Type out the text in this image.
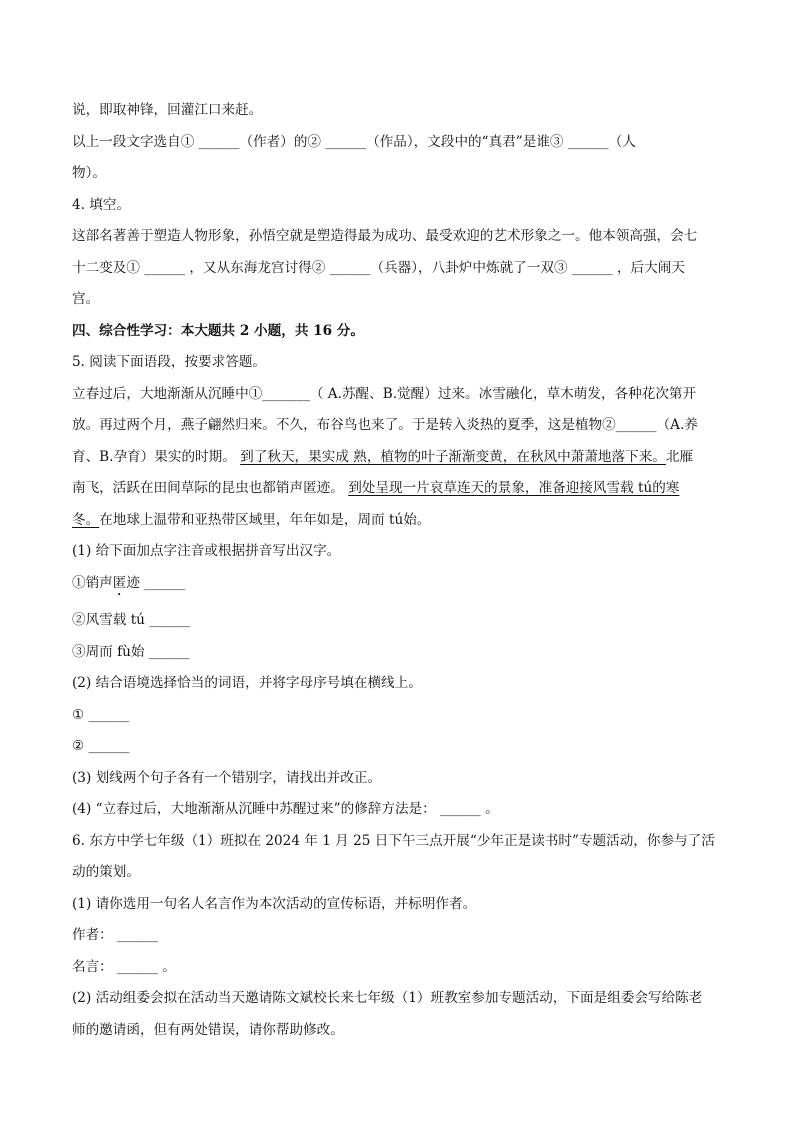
说，即取神锋，回灌江口来赶。
以上一段文字选自① ______（作者）的② ______（作品），文段中的“真君”是谁③ ______（人
物）。
4. 填空。
这部名著善于塑造人物形象，孙悟空就是塑造得最为成功、最受欢迎的艺术形象之一。他本领高强，会七
十二变及① ______ ，又从东海龙宫讨得② ______（兵器），八卦炉中炼就了一双③ ______ ，后大闹天
宫。
四、综合性学习：本大题共 2 小题，共 16 分。
5. 阅读下面语段，按要求答题。
立春过后，大地渐渐从沉睡中①_______（ A.苏醒、B.觉醒）过来。冰雪融化，草木萌发，各种花次第开
放。再过两个月，燕子翩然归来。不久，布谷鸟也来了。于是转入炎热的夏季，这是植物②______（A.养
育、B.孕育）果实的时期。 到了秋天，果实成 熟，植物的叶子渐渐变黄，在秋风中萧萧地落下来。北雁
南飞，活跃在田间草际的昆虫也都销声匿迹。 到处呈现一片哀草连天的景象，准备迎接风雪载 tú的寒
冬。在地球上温带和亚热带区域里，年年如是，周而 tú始。
(1) 给下面加点字注音或根据拼音写出汉字。
①销声匿迹 ______
②风雪载 tú ______
③周而 fù始 ______
(2) 结合语境选择恰当的词语，并将字母序号填在横线上。
① ______
② ______
(3) 划线两个句子各有一个错别字，请找出并改正。
(4) “立春过后，大地渐渐从沉睡中苏醒过来”的修辞方法是： ______ 。
6. 东方中学七年级（1）班拟在 2024 年 1 月 25 日下午三点开展“少年正是读书时”专题活动，你参与了活
动的策划。
(1) 请你选用一句名人名言作为本次活动的宣传标语，并标明作者。
作者： ______
名言： ______ 。
(2) 活动组委会拟在活动当天邀请陈文斌校长来七年级（1）班教室参加专题活动，下面是组委会写给陈老
师的邀请函，但有两处错误，请你帮助修改。
